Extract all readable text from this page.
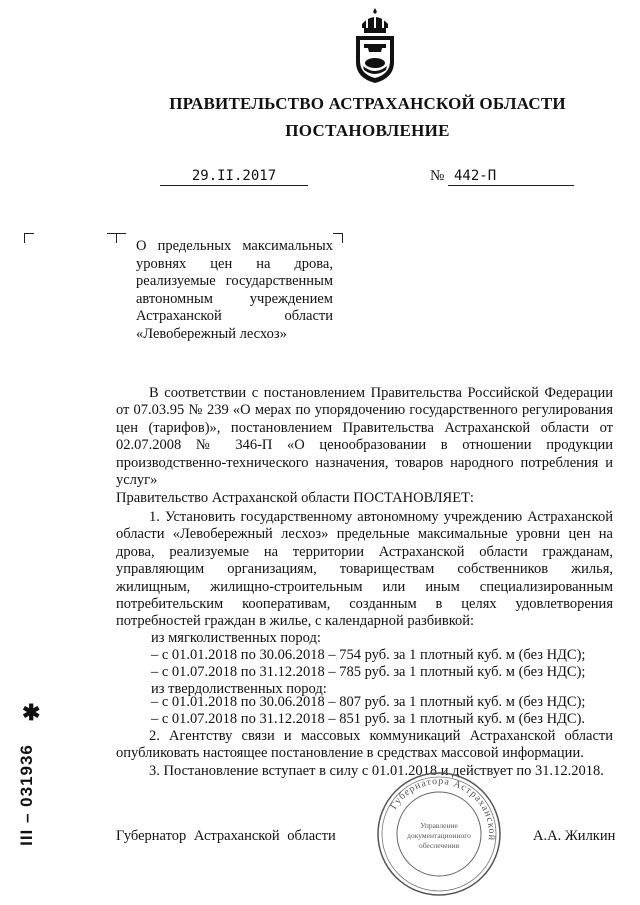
ПРАВИТЕЛЬСТВО АСТРАХАНСКОЙ ОБЛАСТИ
ПОСТАНОВЛЕНИЕ
29.II.2017	№ 442-П
О предельных максимальных уровнях цен на дрова, реализуемые государственным автономным учреждением Астраханской области «Левобережный лесхоз»
В соответствии с постановлением Правительства Российской Федерации от 07.03.95 № 239 «О мерах по упорядочению государственного регулирования цен (тарифов)», постановлением Правительства Астраханской области от 02.07.2008 № 346-П «О ценообразовании в отношении продукции производственно-технического назначения, товаров народного потребления и услуг»
Правительство Астраханской области ПОСТАНОВЛЯЕТ:
1. Установить государственному автономному учреждению Астраханской области «Левобережный лесхоз» предельные максимальные уровни цен на дрова, реализуемые на территории Астраханской области гражданам, управляющим организациям, товариществам собственников жилья, жилищным, жилищно-строительным или иным специализированным потребительским кооперативам, созданным в целях удовлетворения потребностей граждан в жилье, с календарной разбивкой:
из мягколиственных пород:
– с 01.01.2018 по 30.06.2018 – 754 руб. за 1 плотный куб. м (без НДС);
– с 01.07.2018 по 31.12.2018 – 785 руб. за 1 плотный куб. м (без НДС);
из твердолиственных пород:
– с 01.01.2018 по 30.06.2018 – 807 руб. за 1 плотный куб. м (без НДС);
– с 01.07.2018 по 31.12.2018 – 851 руб. за 1 плотный куб. м (без НДС).
2. Агентству связи и массовых коммуникаций Астраханской области опубликовать настоящее постановление в средствах массовой информации.
3. Постановление вступает в силу с 01.01.2018 и действует по 31.12.2018.
Губернатора Астраханской
Управление
документационного
обеспечения
Губернатор Астраханской области	А.А. Жилкин
✱
ІІІ – 031936
